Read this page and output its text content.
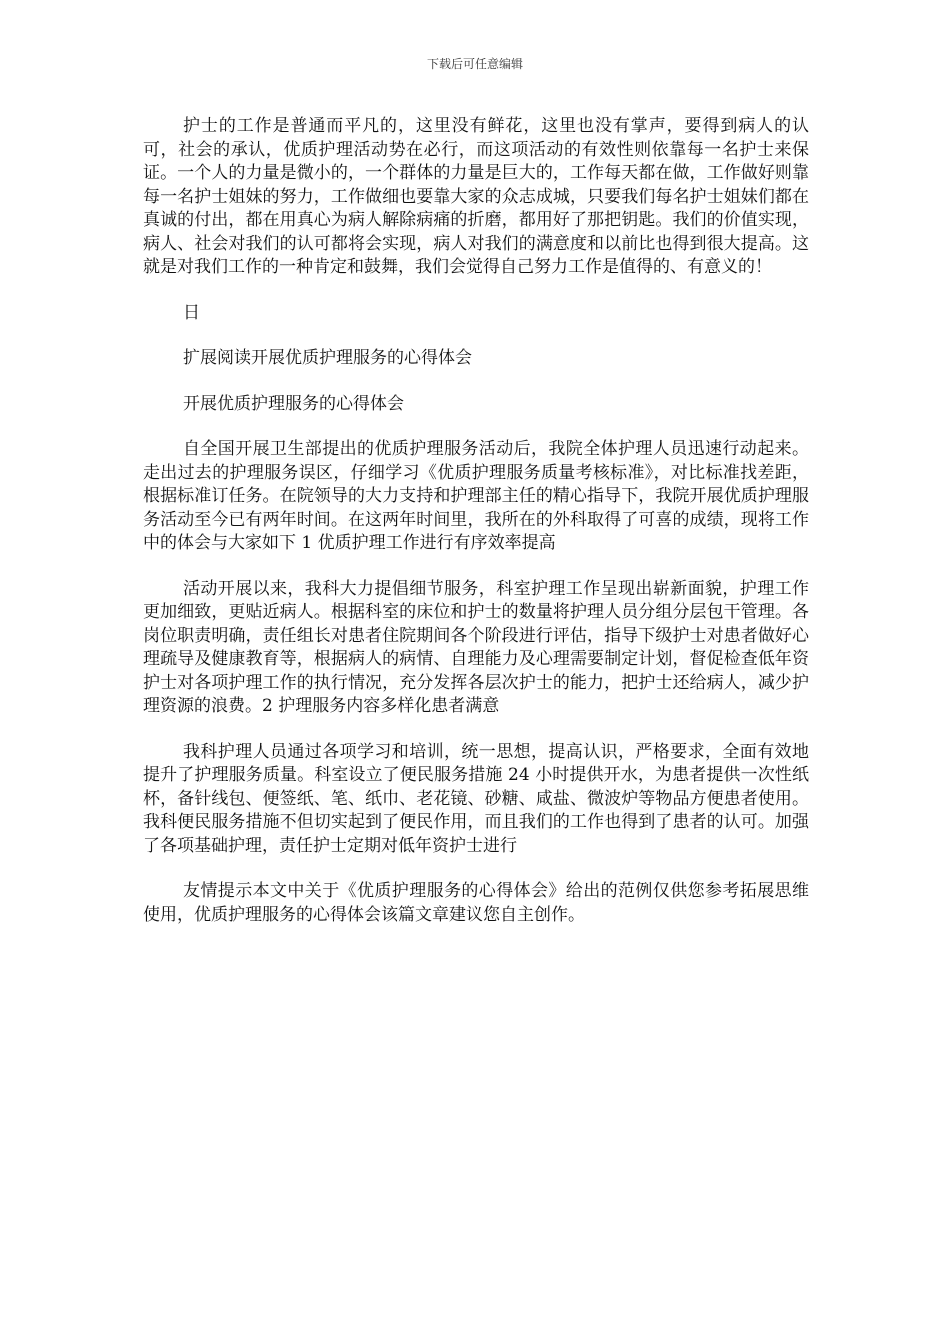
下载后可任意编辑

护士的工作是普通而平凡的，这里没有鲜花，这里也没有掌声，要得到病人的认可，社会的承认，优质护理活动势在必行，而这项活动的有效性则依靠每一名护士来保证。一个人的力量是微小的，一个群体的力量是巨大的，工作每天都在做，工作做好则靠每一名护士姐妹的努力，工作做细也要靠大家的众志成城，只要我们每名护士姐妹们都在真诚的付出，都在用真心为病人解除病痛的折磨，都用好了那把钥匙。我们的价值实现，病人、社会对我们的认可都将会实现，病人对我们的满意度和以前比也得到很大提高。这就是对我们工作的一种肯定和鼓舞，我们会觉得自己努力工作是值得的、有意义的！

日

扩展阅读开展优质护理服务的心得体会

开展优质护理服务的心得体会

自全国开展卫生部提出的优质护理服务活动后，我院全体护理人员迅速行动起来。走出过去的护理服务误区，仔细学习《优质护理服务质量考核标准》，对比标准找差距，根据标准订任务。在院领导的大力支持和护理部主任的精心指导下，我院开展优质护理服务活动至今已有两年时间。在这两年时间里，我所在的外科取得了可喜的成绩，现将工作中的体会与大家如下 1 优质护理工作进行有序效率提高

活动开展以来，我科大力提倡细节服务，科室护理工作呈现出崭新面貌，护理工作更加细致，更贴近病人。根据科室的床位和护士的数量将护理人员分组分层包干管理。各岗位职责明确，责任组长对患者住院期间各个阶段进行评估，指导下级护士对患者做好心理疏导及健康教育等，根据病人的病情、自理能力及心理需要制定计划，督促检查低年资护士对各项护理工作的执行情况，充分发挥各层次护士的能力，把护士还给病人，减少护理资源的浪费。2 护理服务内容多样化患者满意

我科护理人员通过各项学习和培训，统一思想，提高认识，严格要求，全面有效地提升了护理服务质量。科室设立了便民服务措施 24 小时提供开水，为患者提供一次性纸杯，备针线包、便签纸、笔、纸巾、老花镜、砂糖、咸盐、微波炉等物品方便患者使用。我科便民服务措施不但切实起到了便民作用，而且我们的工作也得到了患者的认可。加强了各项基础护理，责任护士定期对低年资护士进行

友情提示本文中关于《优质护理服务的心得体会》给出的范例仅供您参考拓展思维使用，优质护理服务的心得体会该篇文章建议您自主创作。
